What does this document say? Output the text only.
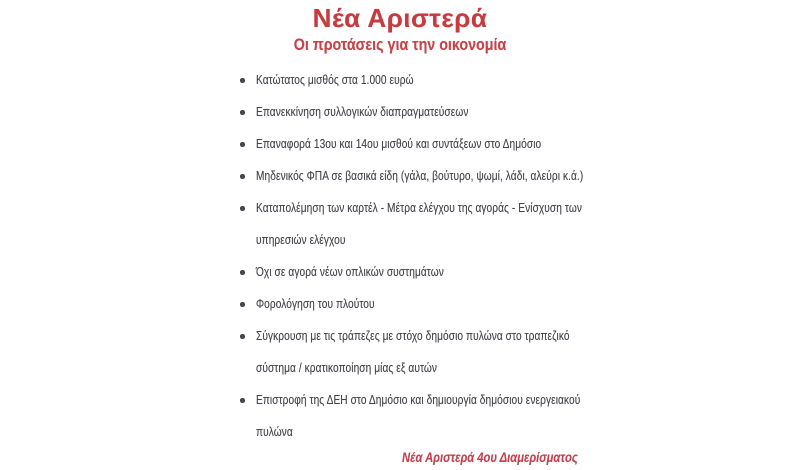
Νέα Αριστερά
Οι προτάσεις για την οικονομία
Κατώτατος μισθός στα 1.000 ευρώ
Επανεκκίνηση συλλογικών διαπραγματεύσεων
Επαναφορά 13ου και 14ου μισθού και συντάξεων στο Δημόσιο
Μηδενικός ΦΠΑ σε βασικά είδη (γάλα, βούτυρο, ψωμί, λάδι, αλεύρι κ.ά.)
Καταπολέμηση των καρτέλ - Μέτρα ελέγχου της αγοράς - Ενίσχυση των
υπηρεσιών ελέγχου
Όχι σε αγορά νέων οπλικών συστημάτων
Φορολόγηση του πλούτου
Σύγκρουση με τις τράπεζες με στόχο δημόσιο πυλώνα στο τραπεζικό
σύστημα / κρατικοποίηση μίας εξ αυτών
Επιστροφή της ΔΕΗ στο Δημόσιο και δημιουργία δημόσιου ενεργειακού
πυλώνα
Νέα Αριστερά 4ου Διαμερίσματος
